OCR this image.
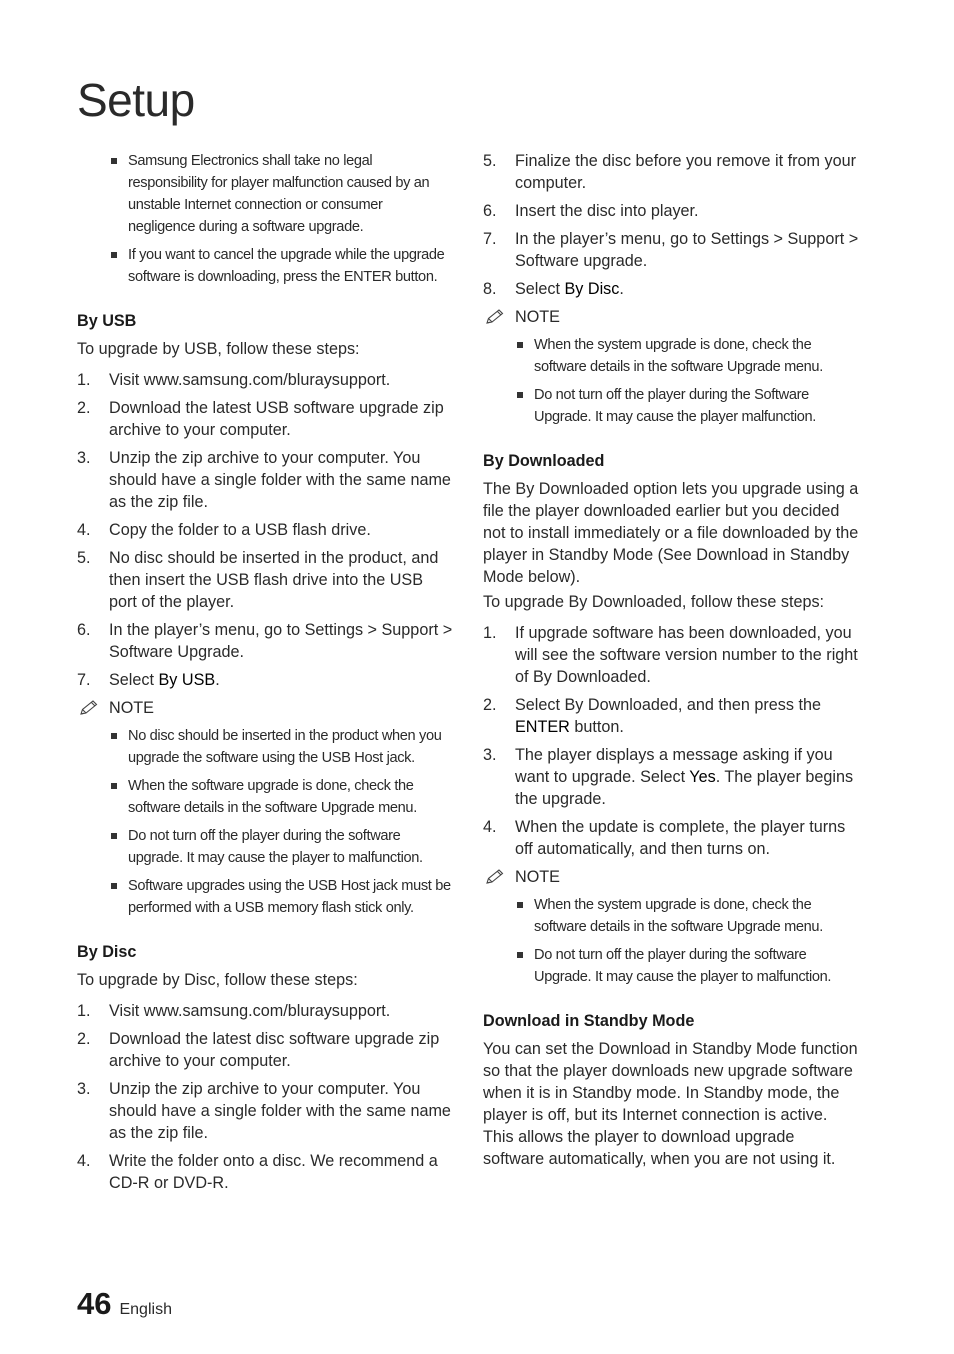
Setup
Samsung Electronics shall take no legal responsibility for player malfunction caused by an unstable Internet connection or consumer negligence during a software upgrade.
If you want to cancel the upgrade while the upgrade software is downloading, press the ENTER button.

By USB

To upgrade by USB, follow these steps:

1. Visit www.samsung.com/bluraysupport.
2. Download the latest USB software upgrade zip archive to your computer.
3. Unzip the zip archive to your computer. You should have a single folder with the same name as the zip file.
4. Copy the folder to a USB flash drive.
5. No disc should be inserted in the product, and then insert the USB flash drive into the USB port of the player.
6. In the player’s menu, go to Settings > Support > Software Upgrade.
7. Select By USB.

NOTE

No disc should be inserted in the product when you upgrade the software using the USB Host jack.
When the software upgrade is done, check the software details in the software Upgrade menu.
Do not turn off the player during the software upgrade. It may cause the player to malfunction.
Software upgrades using the USB Host jack must be performed with a USB memory flash stick only.

By Disc

To upgrade by Disc, follow these steps:

1. Visit www.samsung.com/bluraysupport.
2. Download the latest disc software upgrade zip archive to your computer.
3. Unzip the zip archive to your computer. You should have a single folder with the same name as the zip file.
4. Write the folder onto a disc. We recommend a CD-R or DVD-R.
5. Finalize the disc before you remove it from your computer.
6. Insert the disc into player.
7. In the player’s menu, go to Settings > Support > Software upgrade.
8. Select By Disc.

NOTE

When the system upgrade is done, check the software details in the software Upgrade menu.
Do not turn off the player during the Software Upgrade. It may cause the player malfunction.

By Downloaded

The By Downloaded option lets you upgrade using a file the player downloaded earlier but you decided not to install immediately or a file downloaded by the player in Standby Mode (See Download in Standby Mode below).

To upgrade By Downloaded, follow these steps:

1. If upgrade software has been downloaded, you will see the software version number to the right of By Downloaded.
2. Select By Downloaded, and then press the ENTER button.
3. The player displays a message asking if you want to upgrade. Select Yes. The player begins the upgrade.
4. When the update is complete, the player turns off automatically, and then turns on.

NOTE

When the system upgrade is done, check the software details in the software Upgrade menu.
Do not turn off the player during the software Upgrade. It may cause the player to malfunction.

Download in Standby Mode

You can set the Download in Standby Mode function so that the player downloads new upgrade software when it is in Standby mode. In Standby mode, the player is off, but its Internet connection is active. This allows the player to download upgrade software automatically, when you are not using it.

46 English
